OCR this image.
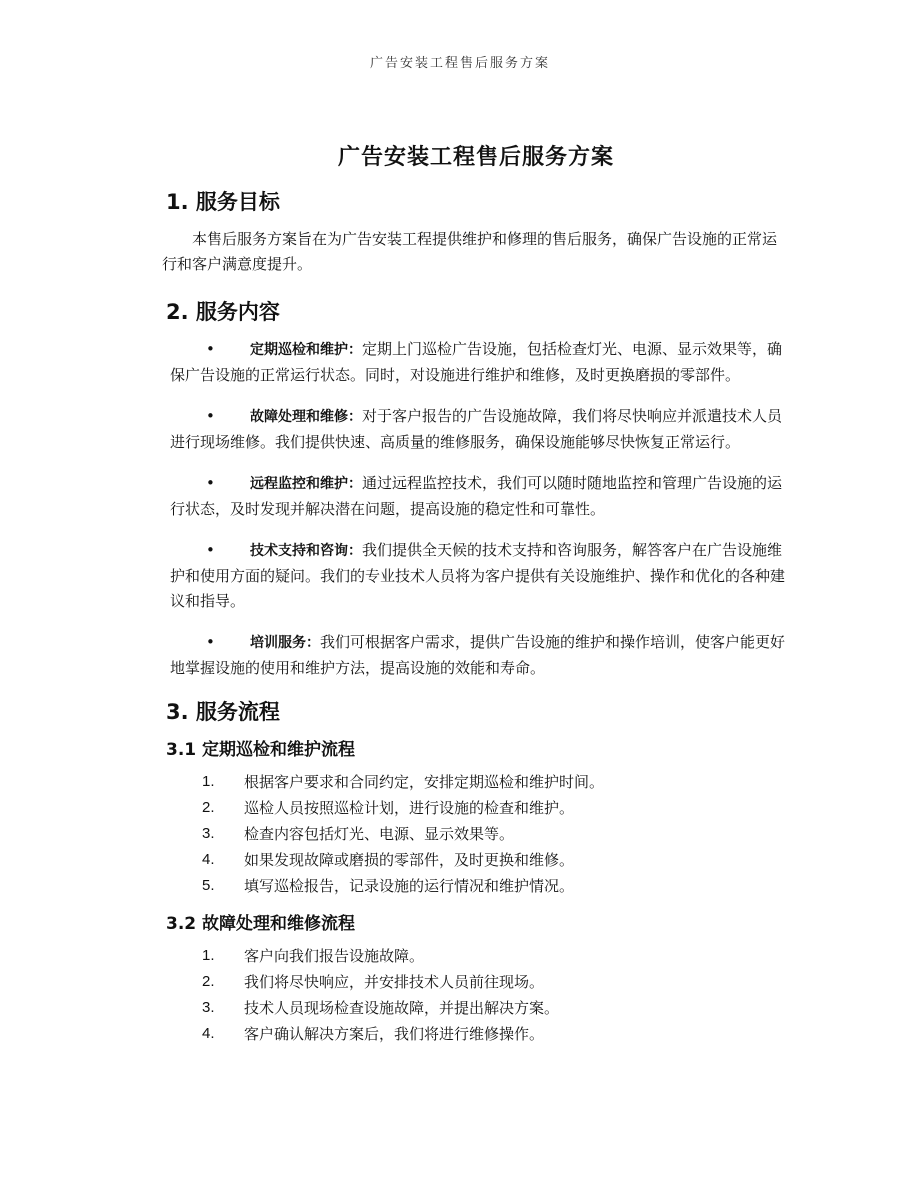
广告安装工程售后服务方案
广告安装工程售后服务方案
1. 服务目标

本售后服务方案旨在为广告安装工程提供维护和修理的售后服务，确保广告设施的正常运行和客户满意度提升。

2. 服务内容
•	定期巡检和维护：定期上门巡检广告设施，包括检查灯光、电源、显示效果等，确保广告设施的正常运行状态。同时，对设施进行维护和维修，及时更换磨损的零部件。
•	故障处理和维修：对于客户报告的广告设施故障，我们将尽快响应并派遣技术人员进行现场维修。我们提供快速、高质量的维修服务，确保设施能够尽快恢复正常运行。
•	远程监控和维护：通过远程监控技术，我们可以随时随地监控和管理广告设施的运行状态，及时发现并解决潜在问题，提高设施的稳定性和可靠性。
•	技术支持和咨询：我们提供全天候的技术支持和咨询服务，解答客户在广告设施维护和使用方面的疑问。我们的专业技术人员将为客户提供有关设施维护、操作和优化的各种建议和指导。
•	培训服务：我们可根据客户需求，提供广告设施的维护和操作培训，使客户能更好地掌握设施的使用和维护方法，提高设施的效能和寿命。
3. 服务流程
3.1 定期巡检和维护流程
1.	根据客户要求和合同约定，安排定期巡检和维护时间。
2.	巡检人员按照巡检计划，进行设施的检查和维护。
3.	检查内容包括灯光、电源、显示效果等。
4.	如果发现故障或磨损的零部件，及时更换和维修。
5.	填写巡检报告，记录设施的运行情况和维护情况。
3.2 故障处理和维修流程
1.	客户向我们报告设施故障。
2.	我们将尽快响应，并安排技术人员前往现场。
3.	技术人员现场检查设施故障，并提出解决方案。
4.	客户确认解决方案后，我们将进行维修操作。
